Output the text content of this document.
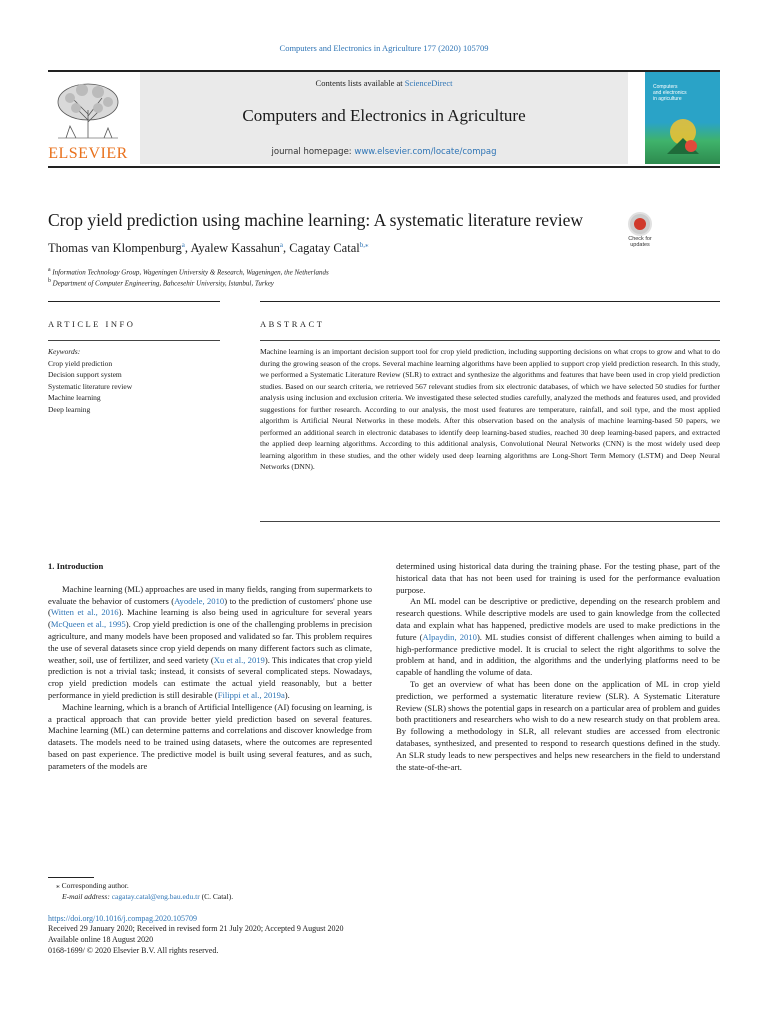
Computers and Electronics in Agriculture 177 (2020) 105709
ELSEVIER
Contents lists available at ScienceDirect
Computers and Electronics in Agriculture
journal homepage: www.elsevier.com/locate/compag
Computers
and electronics
in agriculture
Crop yield prediction using machine learning: A systematic literature review
Check for updates
Thomas van Klompenburg$^a$, Ayalew Kassahun$^a$, Cagatay Catal$^{b,⁎}$
$^a$ Information Technology Group, Wageningen University & Research, Wageningen, the Netherlands
$^b$ Department of Computer Engineering, Bahcesehir University, Istanbul, Turkey
ARTICLE INFO	ABSTRACT
Keywords:
Crop yield prediction
Decision support system
Systematic literature review
Machine learning
Deep learning
Machine learning is an important decision support tool for crop yield prediction, including supporting decisions on what crops to grow and what to do during the growing season of the crops. Several machine learning algorithms have been applied to support crop yield prediction research. In this study, we performed a Systematic Literature Review (SLR) to extract and synthesize the algorithms and features that have been used in crop yield prediction studies. Based on our search criteria, we retrieved 567 relevant studies from six electronic databases, of which we have selected 50 studies for further analysis using inclusion and exclusion criteria. We investigated these selected studies carefully, analyzed the methods and features used, and provided suggestions for further research. According to our analysis, the most used features are temperature, rainfall, and soil type, and the most applied algorithm is Artificial Neural Networks in these models. After this observation based on the analysis of machine learning-based 50 papers, we performed an additional search in electronic databases to identify deep learning-based studies, reached 30 deep learning-based papers, and extracted the applied deep learning algorithms. According to this additional analysis, Convolutional Neural Networks (CNN) is the most widely used deep learning algorithm in these studies, and the other widely used deep learning algorithms are Long-Short Term Memory (LSTM) and Deep Neural Networks (DNN).

1. Introduction

Machine learning (ML) approaches are used in many fields, ranging from supermarkets to evaluate the behavior of customers (Ayodele, 2010) to the prediction of customers' phone use (Witten et al., 2016). Machine learning is also being used in agriculture for several years (McQueen et al., 1995). Crop yield prediction is one of the challenging problems in precision agriculture, and many models have been proposed and validated so far. This problem requires the use of several datasets since crop yield depends on many different factors such as climate, weather, soil, use of fertilizer, and seed variety (Xu et al., 2019). This indicates that crop yield prediction is not a trivial task; instead, it consists of several complicated steps. Nowadays, crop yield prediction models can estimate the actual yield reasonably, but a better performance in yield prediction is still desirable (Filippi et al., 2019a).

Machine learning, which is a branch of Artificial Intelligence (AI) focusing on learning, is a practical approach that can provide better yield prediction based on several features. Machine learning (ML) can determine patterns and correlations and discover knowledge from datasets. The models need to be trained using datasets, where the outcomes are represented based on past experience. The predictive model is built using several features, and as such, parameters of the models are

determined using historical data during the training phase. For the testing phase, part of the historical data that has not been used for training is used for the performance evaluation purpose.

An ML model can be descriptive or predictive, depending on the research problem and research questions. While descriptive models are used to gain knowledge from the collected data and explain what has happened, predictive models are used to make predictions in the future (Alpaydin, 2010). ML studies consist of different challenges when aiming to build a high-performance predictive model. It is crucial to select the right algorithms to solve the problem at hand, and in addition, the algorithms and the underlying platforms need to be capable of handling the volume of data.

To get an overview of what has been done on the application of ML in crop yield prediction, we performed a systematic literature review (SLR). A Systematic Literature Review (SLR) shows the potential gaps in research on a particular area of problem and guides both practitioners and researchers who wish to do a new research study on that problem area. By following a methodology in SLR, all relevant studies are accessed from electronic databases, synthesized, and presented to respond to research questions defined in the study. An SLR study leads to new perspectives and helps new researchers in the field to understand the state-of-the-art.

⁎ Corresponding author.
E-mail address: cagatay.catal@eng.bau.edu.tr (C. Catal).
https://doi.org/10.1016/j.compag.2020.105709
Received 29 January 2020; Received in revised form 21 July 2020; Accepted 9 August 2020
Available online 18 August 2020
0168-1699/ © 2020 Elsevier B.V. All rights reserved.
